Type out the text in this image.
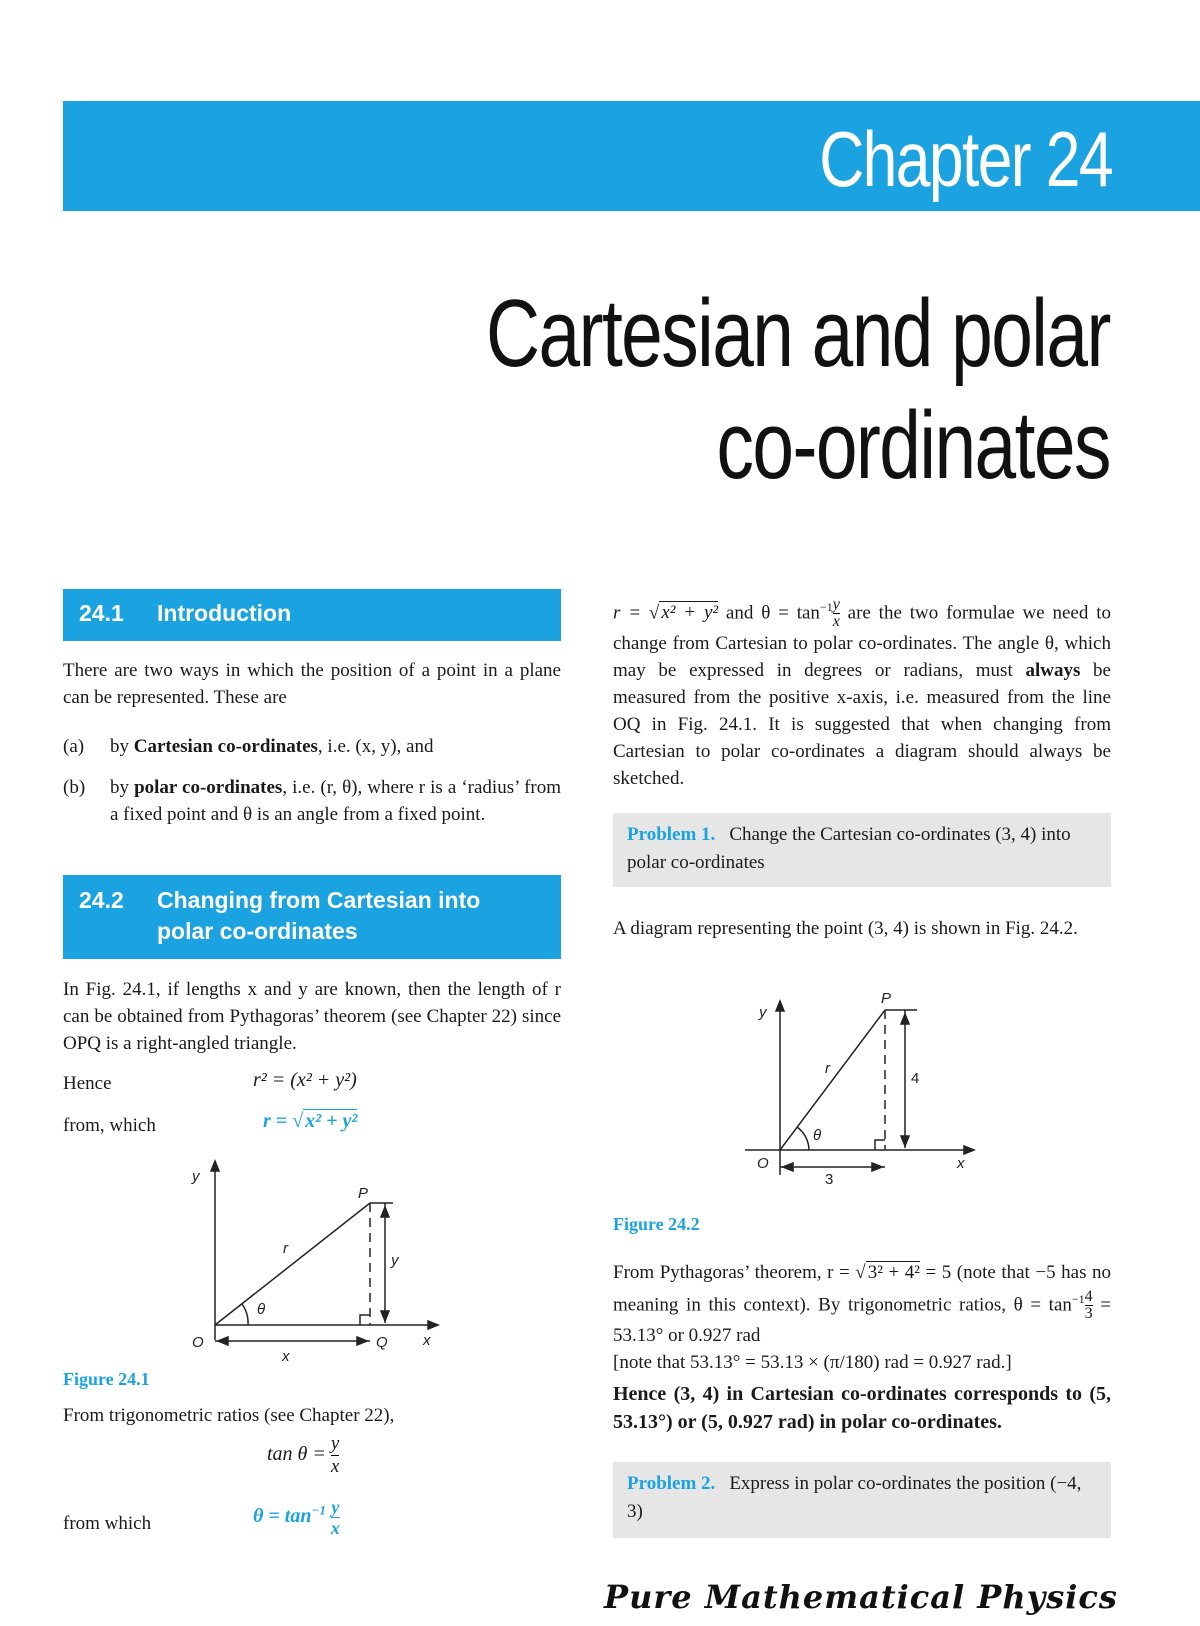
Chapter 24
Cartesian and polar
co-ordinates
24.1 Introduction
There are two ways in which the position of a point in a plane can be represented. These are
(a) by Cartesian co-ordinates, i.e. (x, y), and
(b) by polar co-ordinates, i.e. (r, θ), where r is a ‘radius’ from a fixed point and θ is an angle from a fixed point.
24.2 Changing from Cartesian into
polar co-ordinates
In Fig. 24.1, if lengths x and y are known, then the length of r can be obtained from Pythagoras’ theorem (see Chapter 22) since OPQ is a right-angled triangle.
Hence	r² = (x² + y²)
from, which	r = √ x² + y²
y
P
r
y
θ
O	Q x
x
Figure 24.1
From trigonometric ratios (see Chapter 22),
$\tan \theta = \frac{y}{x}$
from which	$\theta = \tan^{-1} \frac{y}{x}$
r = √ x² + y² and $\theta = \tan^{-1} \frac{y}{x}$ are the two formulae we need to change from Cartesian to polar co-ordinates. The angle θ, which may be expressed in degrees or radians, must always be measured from the positive x-axis, i.e. measured from the line OQ in Fig. 24.1. It is suggested that when changing from Cartesian to polar co-ordinates a diagram should always be sketched.
Problem 1. Change the Cartesian co-ordinates (3, 4) into polar co-ordinates
A diagram representing the point (3, 4) is shown in Fig. 24.2.
y
P
r
4
θ
O	x
3
Figure 24.2
From Pythagoras’ theorem, r = √ 3² + 4² = 5 (note that −5 has no meaning in this context). By trigonometric ratios, $\theta = \tan^{-1} \frac{4}{3} = 53.13^\circ$ or 0.927 rad
[note that 53.13° = 53.13 × (π/180) rad = 0.927 rad.]
Hence (3, 4) in Cartesian co-ordinates corresponds to (5, 53.13°) or (5, 0.927 rad) in polar co-ordinates.
Problem 2. Express in polar co-ordinates the position (−4, 3)
Pure Mathematical Physics
